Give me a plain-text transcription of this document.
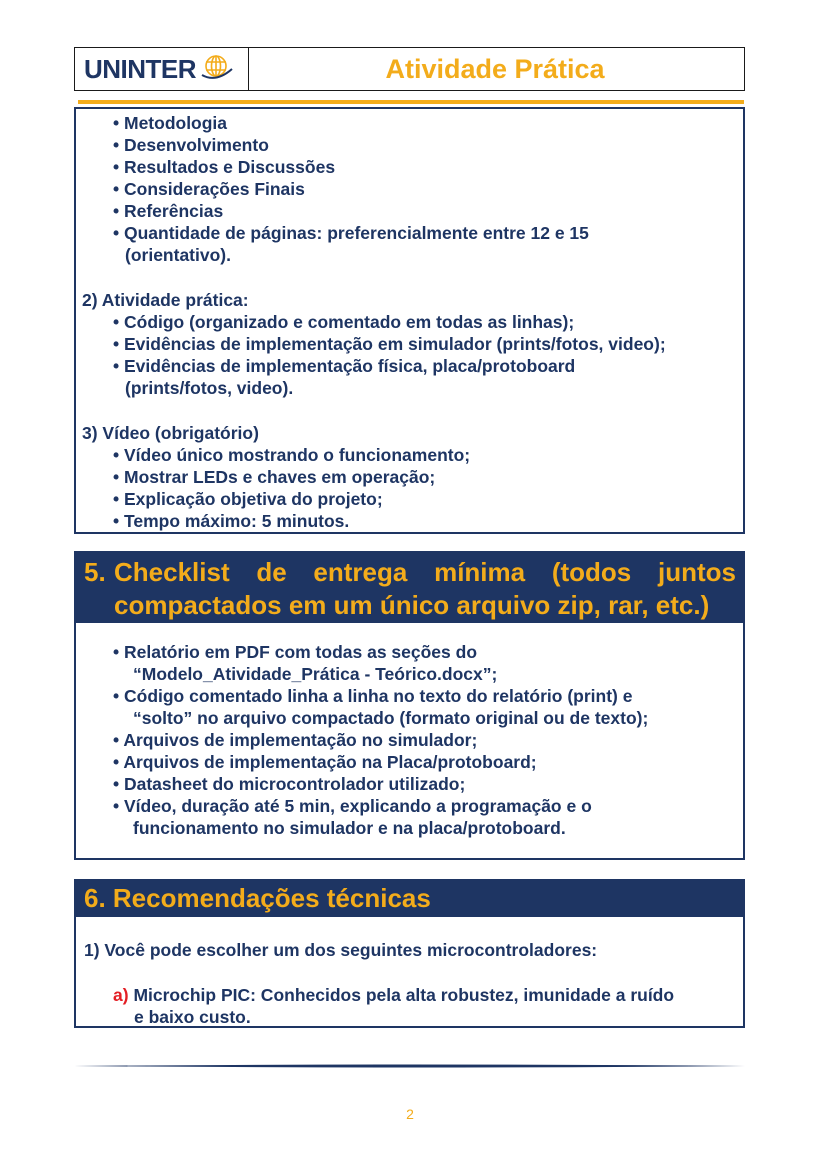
UNINTER	Atividade Prática
• Metodologia
• Desenvolvimento
• Resultados e Discussões
• Considerações Finais
• Referências
• Quantidade de páginas: preferencialmente entre 12 e 15
(orientativo).
2) Atividade prática:
• Código (organizado e comentado em todas as linhas);
• Evidências de implementação em simulador (prints/fotos, video);
• Evidências de implementação física, placa/protoboard
(prints/fotos, video).
3) Vídeo (obrigatório)
• Vídeo único mostrando o funcionamento;
• Mostrar LEDs e chaves em operação;
• Explicação objetiva do projeto;
• Tempo máximo: 5 minutos.
5. Checklist de entrega mínima (todos juntos
compactados em um único arquivo zip, rar, etc.)
• Relatório em PDF com todas as seções do
“Modelo_Atividade_Prática - Teórico.docx”;
• Código comentado linha a linha no texto do relatório (print) e
“solto” no arquivo compactado (formato original ou de texto);
• Arquivos de implementação no simulador;
• Arquivos de implementação na Placa/protoboard;
• Datasheet do microcontrolador utilizado;
• Vídeo, duração até 5 min, explicando a programação e o
funcionamento no simulador e na placa/protoboard.
6. Recomendações técnicas
1) Você pode escolher um dos seguintes microcontroladores:
a) Microchip PIC: Conhecidos pela alta robustez, imunidade a ruído
e baixo custo.
2
